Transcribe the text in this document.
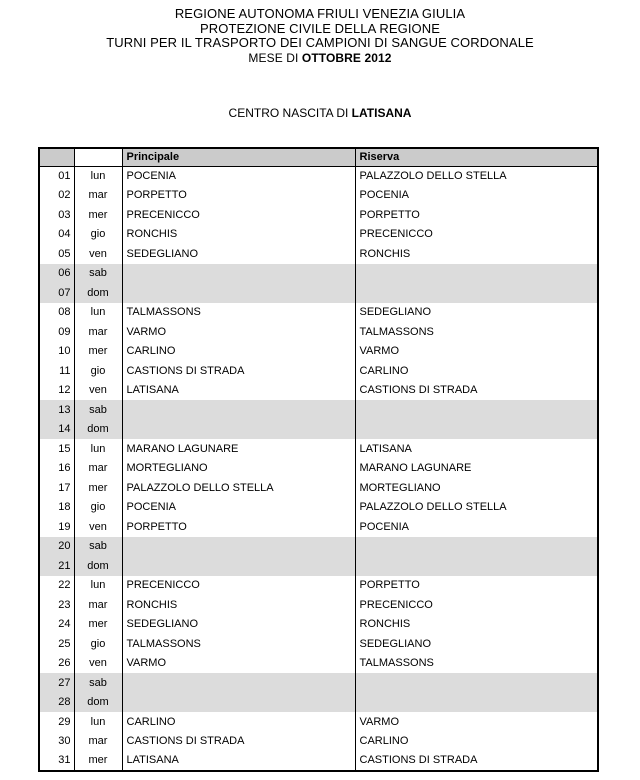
REGIONE AUTONOMA FRIULI VENEZIA GIULIA
PROTEZIONE CIVILE DELLA REGIONE
TURNI PER IL TRASPORTO DEI CAMPIONI DI SANGUE CORDONALE
MESE DI OTTOBRE 2012
CENTRO NASCITA DI LATISANA
		Principale	Riserva
01	lun	POCENIA	PALAZZOLO DELLO STELLA
02	mar	PORPETTO	POCENIA
03	mer	PRECENICCO	PORPETTO
04	gio	RONCHIS	PRECENICCO
05	ven	SEDEGLIANO	RONCHIS
06	sab		
07	dom		
08	lun	TALMASSONS	SEDEGLIANO
09	mar	VARMO	TALMASSONS
10	mer	CARLINO	VARMO
11	gio	CASTIONS DI STRADA	CARLINO
12	ven	LATISANA	CASTIONS DI STRADA
13	sab		
14	dom		
15	lun	MARANO LAGUNARE	LATISANA
16	mar	MORTEGLIANO	MARANO LAGUNARE
17	mer	PALAZZOLO DELLO STELLA	MORTEGLIANO
18	gio	POCENIA	PALAZZOLO DELLO STELLA
19	ven	PORPETTO	POCENIA
20	sab		
21	dom		
22	lun	PRECENICCO	PORPETTO
23	mar	RONCHIS	PRECENICCO
24	mer	SEDEGLIANO	RONCHIS
25	gio	TALMASSONS	SEDEGLIANO
26	ven	VARMO	TALMASSONS
27	sab		
28	dom		
29	lun	CARLINO	VARMO
30	mar	CASTIONS DI STRADA	CARLINO
31	mer	LATISANA	CASTIONS DI STRADA
